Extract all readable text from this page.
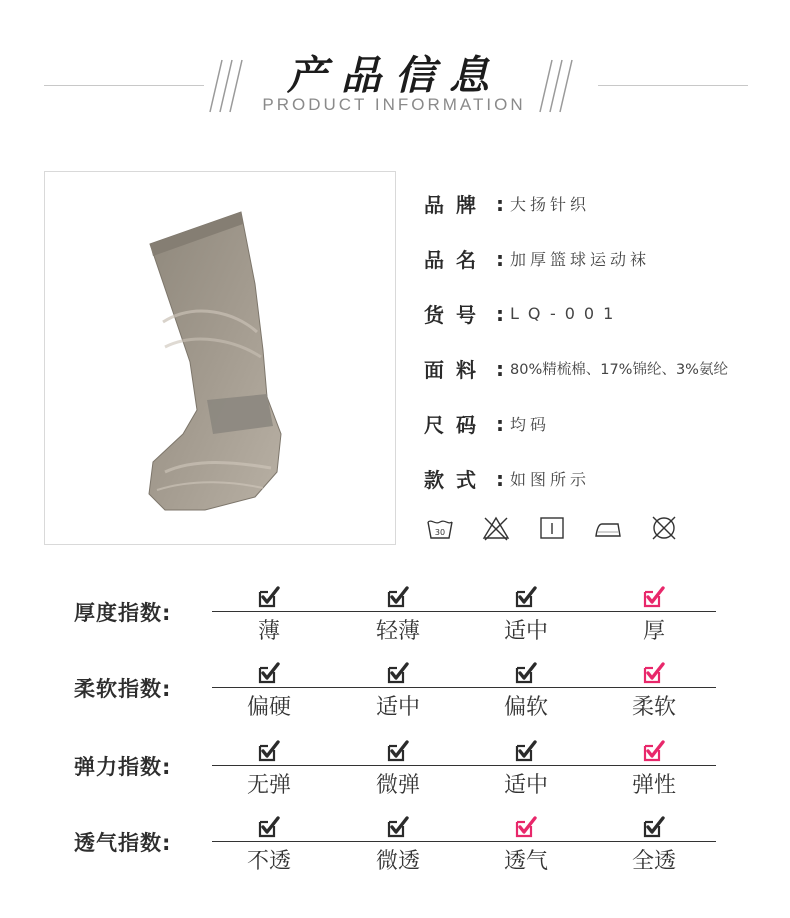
产品信息
PRODUCT INFORMATION
品牌 : 大扬针织
品名 : 加厚篮球运动袜
货号 : LQ-001
面料 : 80%精梳棉、17%锦纶、3%氨纶
尺码 : 均码
款式 : 如图所示
30
厚度指数:
薄	轻薄	适中	厚
柔软指数:
偏硬	适中	偏软	柔软
弹力指数:
无弹	微弹	适中	弹性
透气指数:
不透	微透	透气	全透
